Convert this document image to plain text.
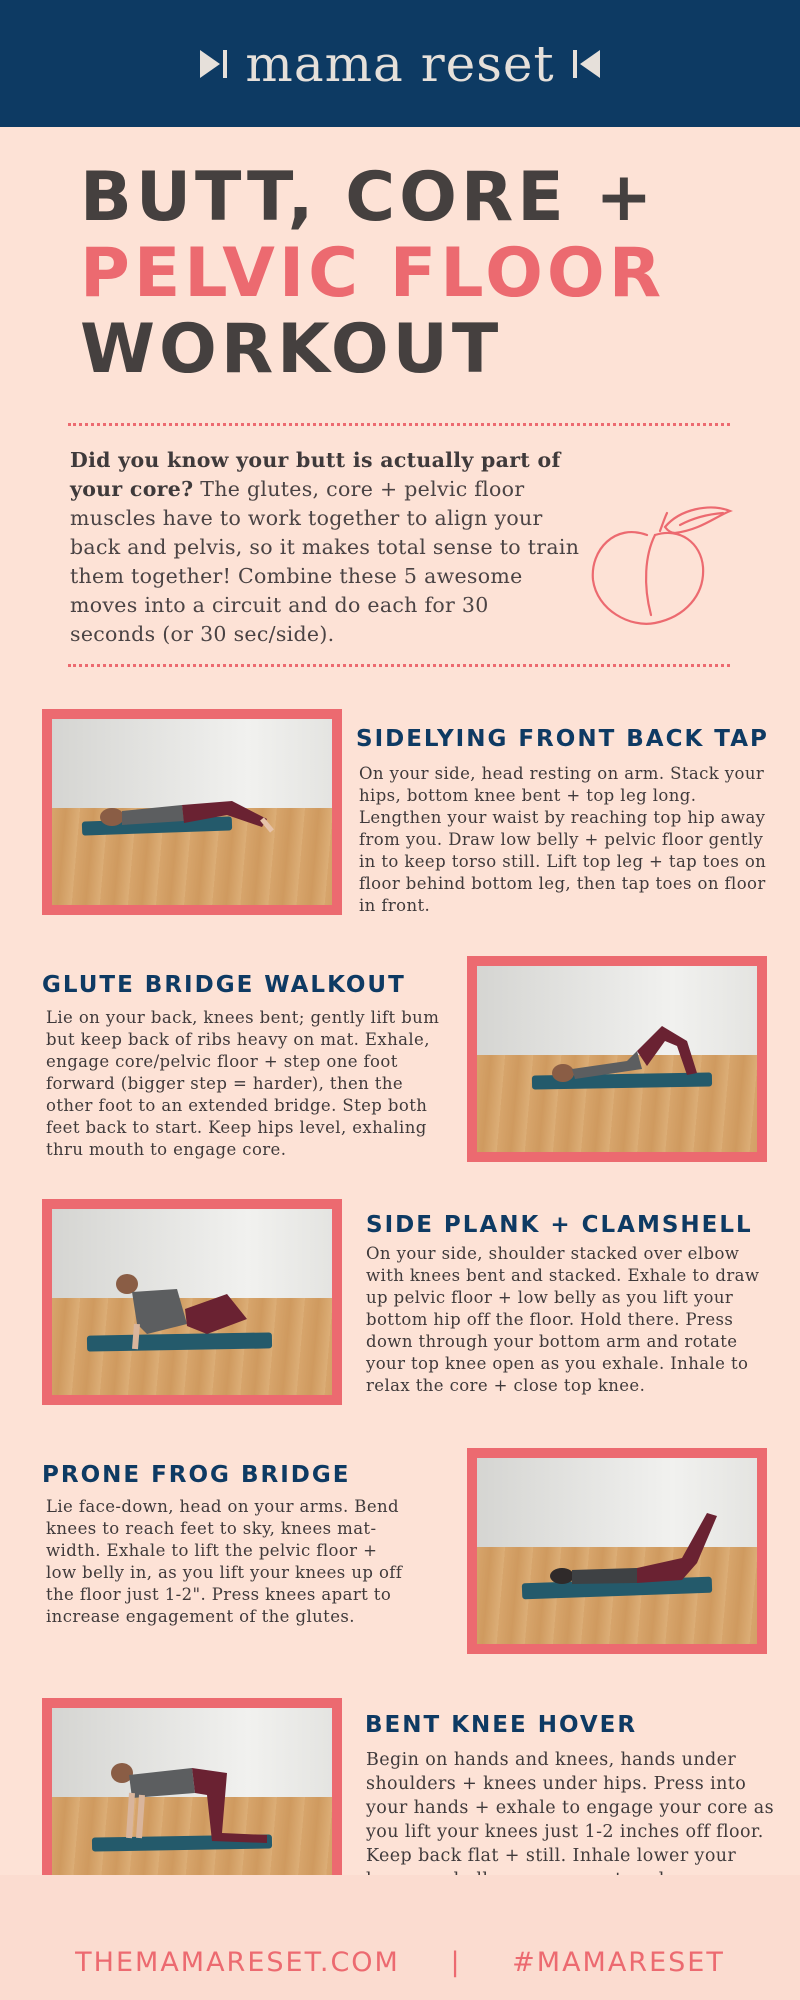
mama reset
BUTT, CORE +
PELVIC FLOOR
WORKOUT
Did you know your butt is actually part of your core? The glutes, core + pelvic floor muscles have to work together to align your back and pelvis, so it makes total sense to train them together! Combine these 5 awesome moves into a circuit and do each for 30 seconds (or 30 sec/side).
SIDELYING FRONT BACK TAP
On your side, head resting on arm. Stack your hips, bottom knee bent + top leg long. Lengthen your waist by reaching top hip away from you. Draw low belly + pelvic floor gently in to keep torso still. Lift top leg + tap toes on floor behind bottom leg, then tap toes on floor in front.
GLUTE BRIDGE WALKOUT
Lie on your back, knees bent; gently lift bum but keep back of ribs heavy on mat. Exhale, engage core/pelvic floor + step one foot forward (bigger step = harder), then the other foot to an extended bridge. Step both feet back to start. Keep hips level, exhaling thru mouth to engage core.
SIDE PLANK + CLAMSHELL
On your side, shoulder stacked over elbow with knees bent and stacked. Exhale to draw up pelvic floor + low belly as you lift your bottom hip off the floor. Hold there. Press down through your bottom arm and rotate your top knee open as you exhale. Inhale to relax the core + close top knee.
PRONE FROG BRIDGE
Lie face-down, head on your arms. Bend knees to reach feet to sky, knees mat-width. Exhale to lift the pelvic floor + low belly in, as you lift your knees up off the floor just 1-2". Press knees apart to increase engagement of the glutes.
BENT KNEE HOVER
Begin on hands and knees, hands under shoulders + knees under hips. Press into your hands + exhale to engage your core as you lift your knees just 1-2 inches off floor. Keep back flat + still. Inhale lower your
THEMAMARESET.COM | #MAMARESET
